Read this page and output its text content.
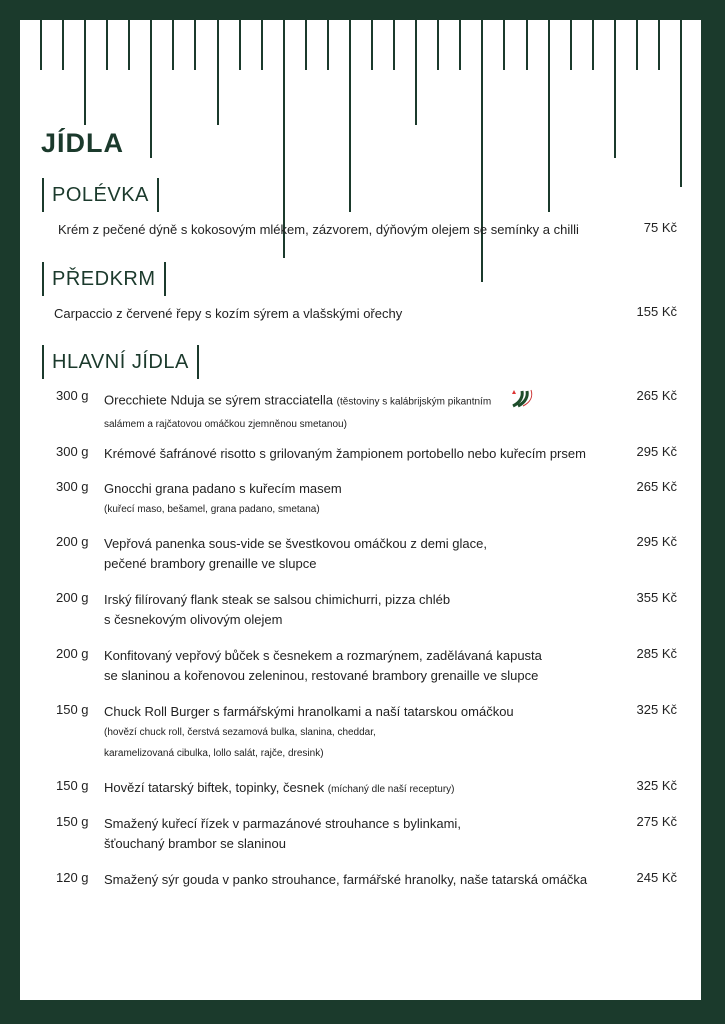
JÍDLA
POLÉVKA
Krém z pečené dýně s kokosovým mlékem, zázvorem, dýňovým olejem se semínky a chilli	75 Kč
PŘEDKRM
Carpaccio z červené řepy s kozím sýrem a vlašskými ořechy	155 Kč
HLAVNÍ JÍDLA
300 g Orecchiete Nduja se sýrem stracciatella (těstoviny s kalábrijským pikantním
salámem a rajčatovou omáčkou zjemněnou smetanou)
265 Kč
300 g Krémové šafránové risotto s grilovaným žampionem portobello nebo kuřecím prsem	295 Kč
300 g Gnocchi grana padano s kuřecím masem
(kuřecí maso, bešamel, grana padano, smetana)
265 Kč
200 g Vepřová panenka sous-vide se švestkovou omáčkou z demi glace,
pečené brambory grenaille ve slupce
295 Kč
200 g Irský filírovaný flank steak se salsou chimichurri, pizza chléb
s česnekovým olivovým olejem
355 Kč
200 g Konfitovaný vepřový bůček s česnekem a rozmarýnem, zadělávaná kapusta
se slaninou a kořenovou zeleninou, restované brambory grenaille ve slupce
285 Kč
150 g Chuck Roll Burger s farmářskými hranolkami a naší tatarskou omáčkou
(hovězí chuck roll, čerstvá sezamová bulka, slanina, cheddar,
karamelizovaná cibulka, lollo salát, rajče, dresink)
325 Kč
150 g Hovězí tatarský biftek, topinky, česnek (míchaný dle naší receptury)	325 Kč
150 g Smažený kuřecí řízek v parmazánové strouhance s bylinkami,
šťouchaný brambor se slaninou
275 Kč
120 g Smažený sýr gouda v panko strouhance, farmářské hranolky, naše tatarská omáčka	245 Kč
